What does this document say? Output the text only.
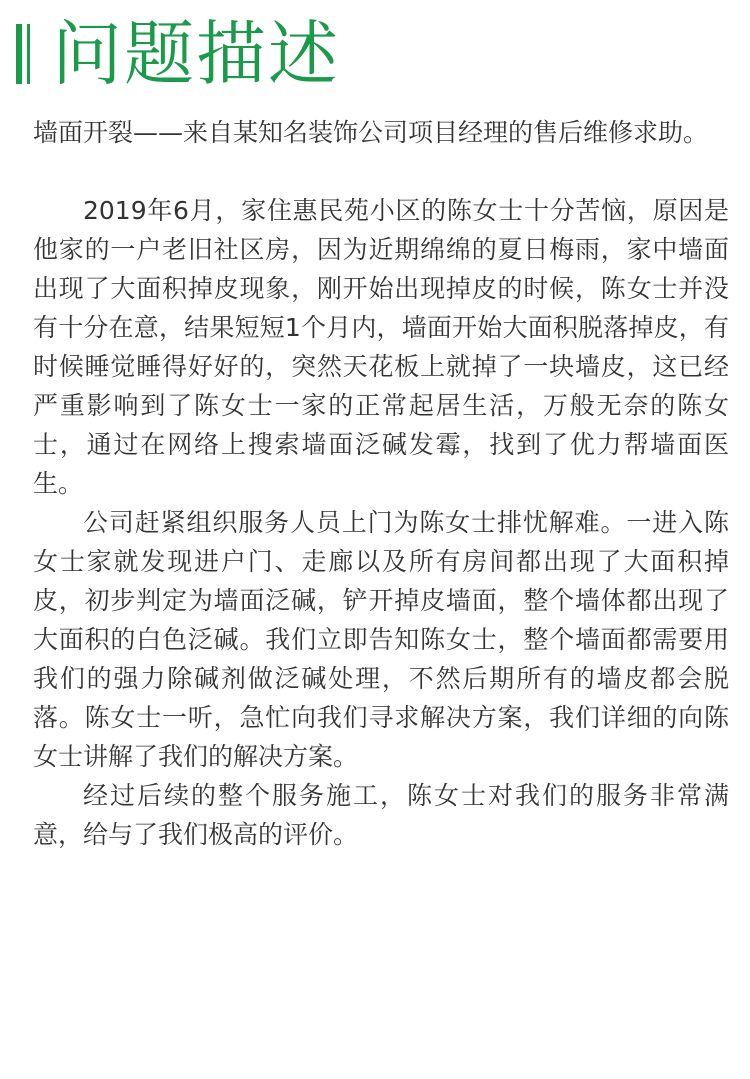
问题描述

墙面开裂——来自某知名装饰公司项目经理的售后维修求助。

2019年6月，家住惠民苑小区的陈女士十分苦恼，原因是他家的一户老旧社区房，因为近期绵绵的夏日梅雨，家中墙面出现了大面积掉皮现象，刚开始出现掉皮的时候，陈女士并没有十分在意，结果短短1个月内，墙面开始大面积脱落掉皮，有时候睡觉睡得好好的，突然天花板上就掉了一块墙皮，这已经严重影响到了陈女士一家的正常起居生活，万般无奈的陈女士，通过在网络上搜索墙面泛碱发霉，找到了优力帮墙面医生。

公司赶紧组织服务人员上门为陈女士排忧解难。一进入陈女士家就发现进户门、走廊以及所有房间都出现了大面积掉皮，初步判定为墙面泛碱，铲开掉皮墙面，整个墙体都出现了大面积的白色泛碱。我们立即告知陈女士，整个墙面都需要用我们的强力除碱剂做泛碱处理，不然后期所有的墙皮都会脱落。陈女士一听，急忙向我们寻求解决方案，我们详细的向陈女士讲解了我们的解决方案。

经过后续的整个服务施工，陈女士对我们的服务非常满意，给与了我们极高的评价。
